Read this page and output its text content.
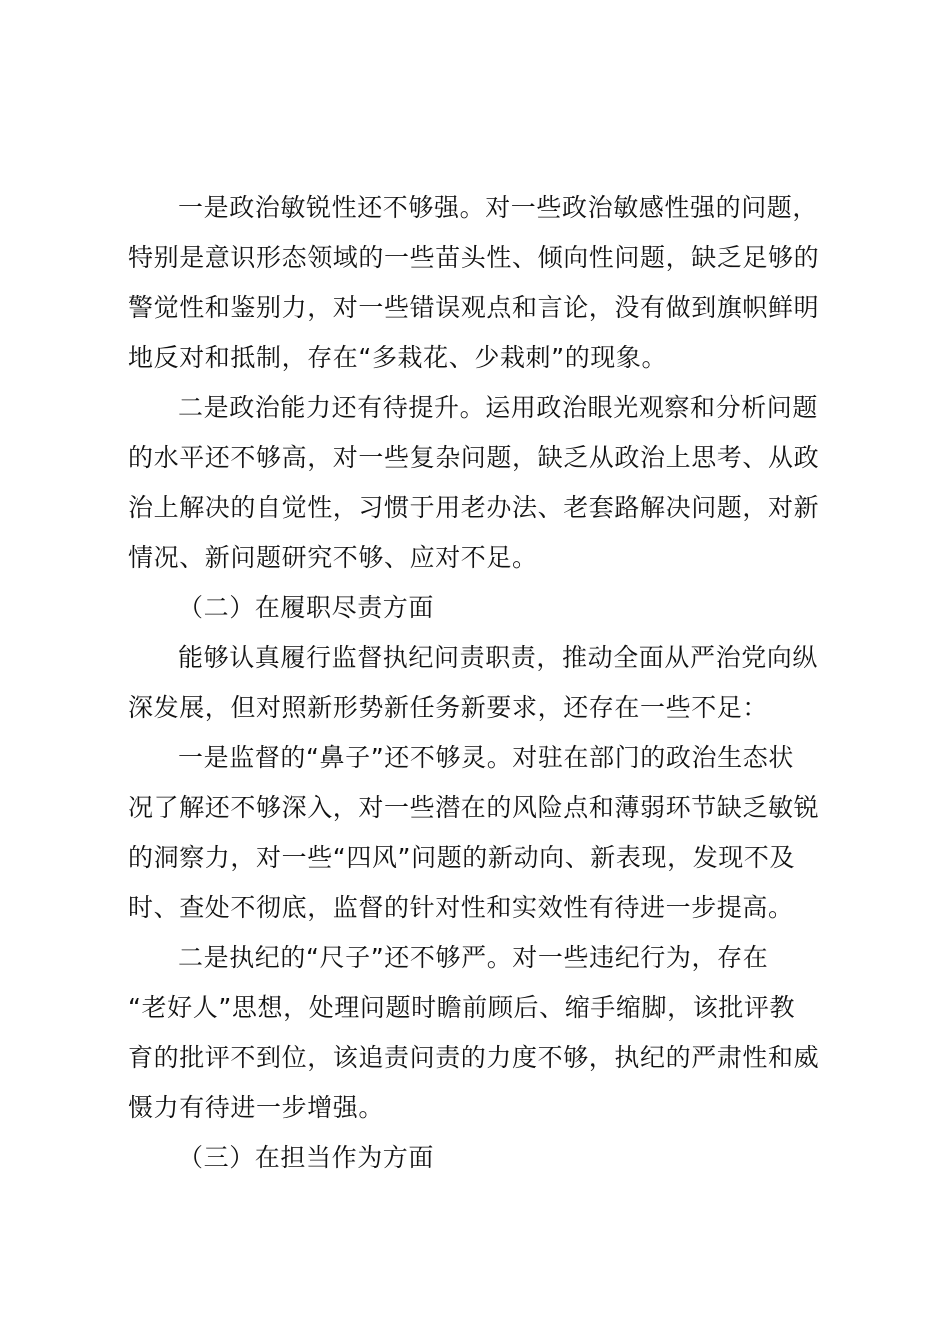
一是政治敏锐性还不够强。对一些政治敏感性强的问题，
特别是意识形态领域的一些苗头性、倾向性问题，缺乏足够的
警觉性和鉴别力，对一些错误观点和言论，没有做到旗帜鲜明
地反对和抵制，存在“多栽花、少栽刺”的现象。
二是政治能力还有待提升。运用政治眼光观察和分析问题
的水平还不够高，对一些复杂问题，缺乏从政治上思考、从政
治上解决的自觉性，习惯于用老办法、老套路解决问题，对新
情况、新问题研究不够、应对不足。
（二）在履职尽责方面
能够认真履行监督执纪问责职责，推动全面从严治党向纵
深发展，但对照新形势新任务新要求，还存在一些不足：
一是监督的“鼻子”还不够灵。对驻在部门的政治生态状
况了解还不够深入，对一些潜在的风险点和薄弱环节缺乏敏锐
的洞察力，对一些“四风”问题的新动向、新表现，发现不及
时、查处不彻底，监督的针对性和实效性有待进一步提高。
二是执纪的“尺子”还不够严。对一些违纪行为，存在
“老好人”思想，处理问题时瞻前顾后、缩手缩脚，该批评教
育的批评不到位，该追责问责的力度不够，执纪的严肃性和威
慑力有待进一步增强。
（三）在担当作为方面
